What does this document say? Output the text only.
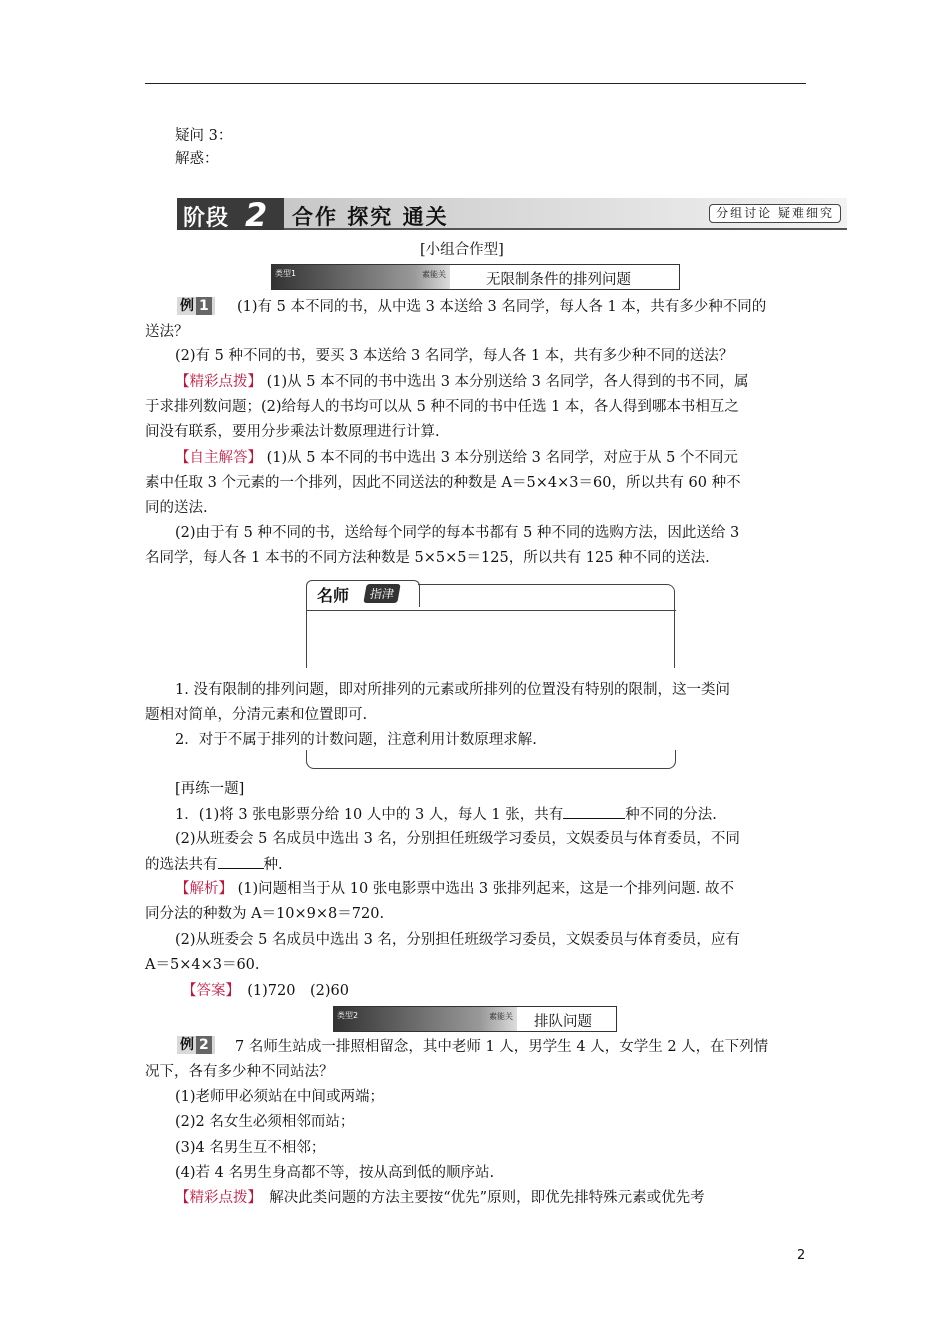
疑问 3：
解惑：
阶段 2	合作 探究 通关	分组讨论 疑难细究
[小组合作型]
类型1	素能关	无限制条件的排列问题
例 1	(1)有 5 本不同的书，从中选 3 本送给 3 名同学，每人各 1 本，共有多少种不同的
送法？
(2)有 5 种不同的书，要买 3 本送给 3 名同学，每人各 1 本，共有多少种不同的送法？
【精彩点拨】 (1)从 5 本不同的书中选出 3 本分别送给 3 名同学，各人得到的书不同，属
于求排列数问题；(2)给每人的书均可以从 5 种不同的书中任选 1 本，各人得到哪本书相互之
间没有联系，要用分步乘法计数原理进行计算.
【自主解答】 (1)从 5 本不同的书中选出 3 本分别送给 3 名同学，对应于从 5 个不同元
素中任取 3 个元素的一个排列，因此不同送法的种数是 A＝5×4×3＝60，所以共有 60 种不
同的送法.
(2)由于有 5 种不同的书，送给每个同学的每本书都有 5 种不同的选购方法，因此送给 3
名同学，每人各 1 本书的不同方法种数是 5×5×5＝125，所以共有 125 种不同的送法.
名师	指津
1. 没有限制的排列问题，即对所排列的元素或所排列的位置没有特别的限制，这一类问
题相对简单，分清元素和位置即可.
2．对于不属于排列的计数问题，注意利用计数原理求解.
[再练一题]
1．(1)将 3 张电影票分给 10 人中的 3 人，每人 1 张，共有	种不同的分法.
(2)从班委会 5 名成员中选出 3 名，分别担任班级学习委员，文娱委员与体育委员，不同
的选法共有	种.
【解析】 (1)问题相当于从 10 张电影票中选出 3 张排列起来，这是一个排列问题. 故不
同分法的种数为 A＝10×9×8＝720.
(2)从班委会 5 名成员中选出 3 名，分别担任班级学习委员，文娱委员与体育委员，应有
A＝5×4×3＝60.
【答案】　 (1)720　(2)60
类型2	素能关 排队问题
例 2	7 名师生站成一排照相留念，其中老师 1 人，男学生 4 人，女学生 2 人，在下列情
况下，各有多少种不同站法？
(1)老师甲必须站在中间或两端；
(2)2 名女生必须相邻而站；
(3)4 名男生互不相邻；
(4)若 4 名男生身高都不等，按从高到低的顺序站.
【精彩点拨】　 解决此类问题的方法主要按“优先”原则，即优先排特殊元素或优先考
2
